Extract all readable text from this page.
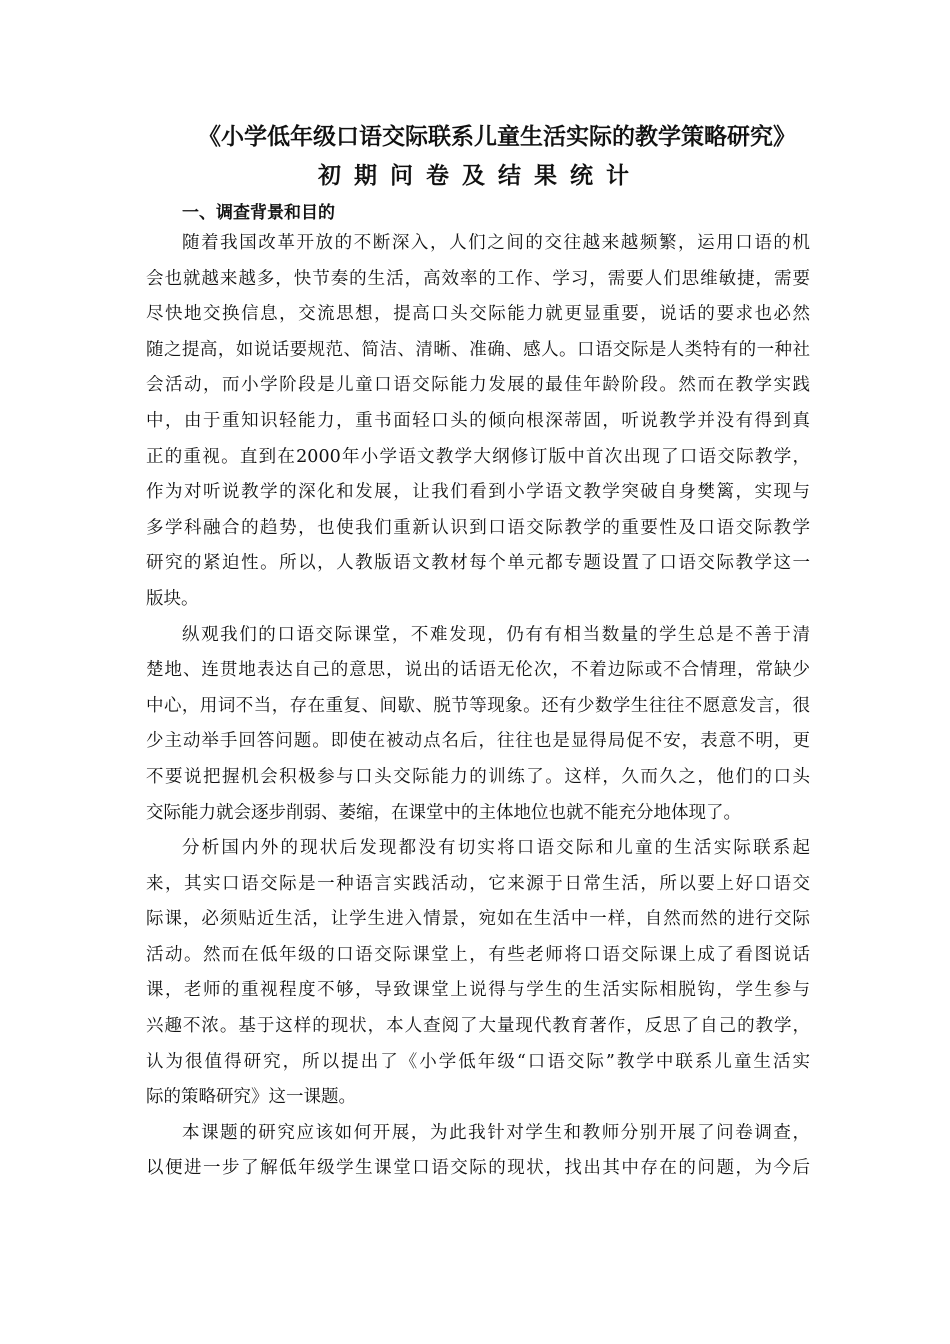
《小学低年级口语交际联系儿童生活实际的教学策略研究》
初期问卷及结果统计
一、调查背景和目的
随着我国改革开放的不断深入，人们之间的交往越来越频繁，运用口语的机
会也就越来越多，快节奏的生活，高效率的工作、学习，需要人们思维敏捷，需要
尽快地交换信息，交流思想，提高口头交际能力就更显重要，说话的要求也必然
随之提高，如说话要规范、简洁、清晰、准确、感人。口语交际是人类特有的一种社
会活动，而小学阶段是儿童口语交际能力发展的最佳年龄阶段。然而在教学实践
中，由于重知识轻能力，重书面轻口头的倾向根深蒂固，听说教学并没有得到真
正的重视。直到在2000年小学语文教学大纲修订版中首次出现了口语交际教学，
作为对听说教学的深化和发展，让我们看到小学语文教学突破自身樊篱，实现与
多学科融合的趋势，也使我们重新认识到口语交际教学的重要性及口语交际教学
研究的紧迫性。所以，人教版语文教材每个单元都专题设置了口语交际教学这一
版块。
纵观我们的口语交际课堂，不难发现，仍有有相当数量的学生总是不善于清
楚地、连贯地表达自己的意思，说出的话语无伦次，不着边际或不合情理，常缺少
中心，用词不当，存在重复、间歇、脱节等现象。还有少数学生往往不愿意发言，很
少主动举手回答问题。即使在被动点名后，往往也是显得局促不安，表意不明，更
不要说把握机会积极参与口头交际能力的训练了。这样，久而久之，他们的口头
交际能力就会逐步削弱、萎缩，在课堂中的主体地位也就不能充分地体现了。
分析国内外的现状后发现都没有切实将口语交际和儿童的生活实际联系起
来，其实口语交际是一种语言实践活动，它来源于日常生活，所以要上好口语交
际课，必须贴近生活，让学生进入情景，宛如在生活中一样，自然而然的进行交际
活动。然而在低年级的口语交际课堂上，有些老师将口语交际课上成了看图说话
课，老师的重视程度不够，导致课堂上说得与学生的生活实际相脱钩，学生参与
兴趣不浓。基于这样的现状，本人查阅了大量现代教育著作，反思了自己的教学，
认为很值得研究，所以提出了《小学低年级“口语交际”教学中联系儿童生活实
际的策略研究》这一课题。
本课题的研究应该如何开展，为此我针对学生和教师分别开展了问卷调查，
以便进一步了解低年级学生课堂口语交际的现状，找出其中存在的问题，为今后
